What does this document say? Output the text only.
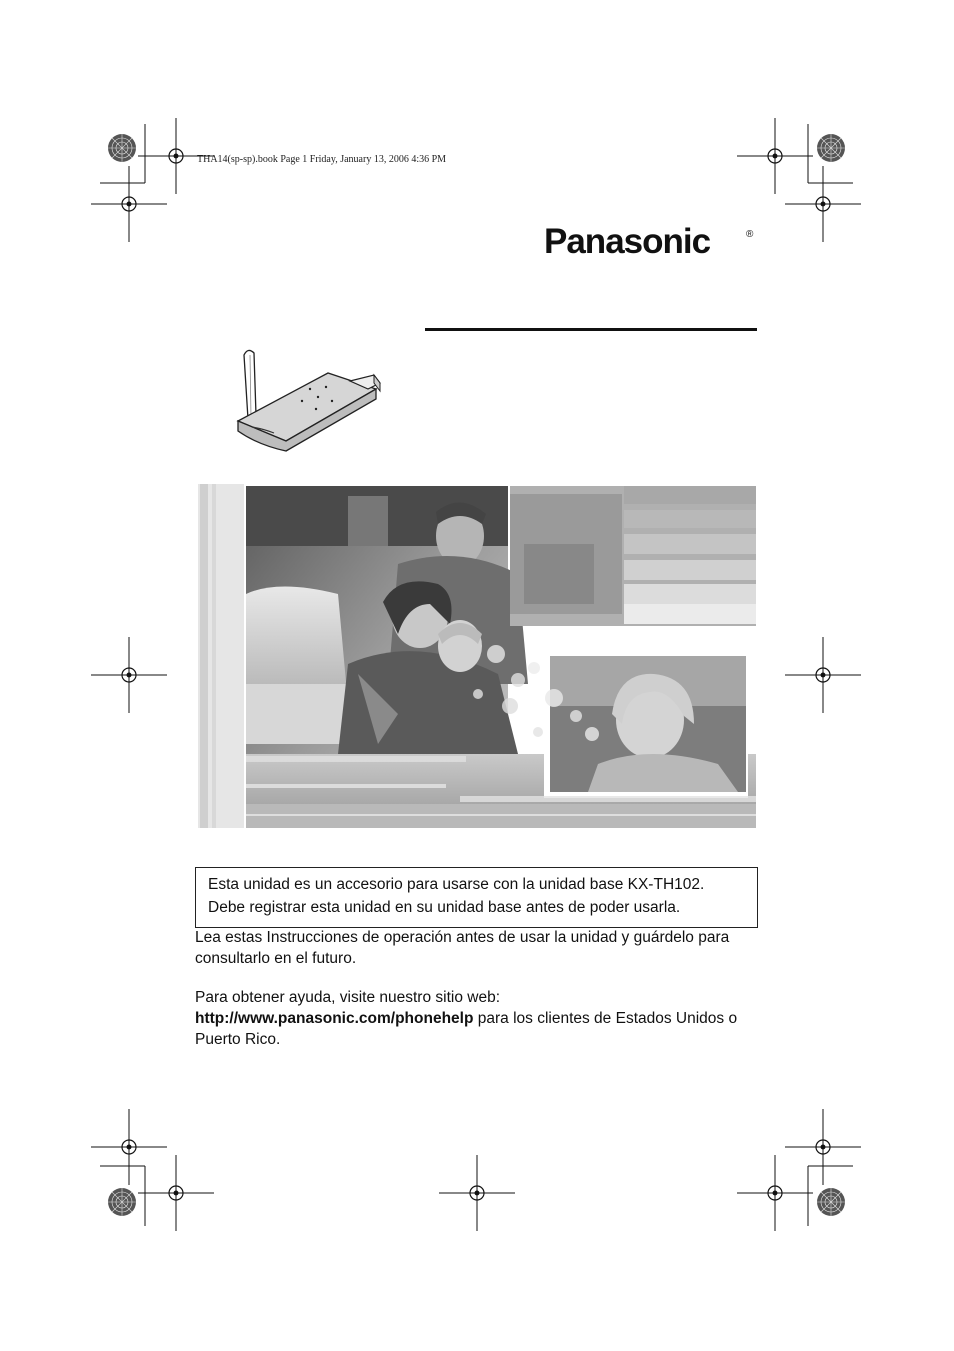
THA14(sp-sp).book Page 1 Friday, January 13, 2006 4:36 PM
Panasonic	®
Esta unidad es un accesorio para usarse con la unidad base KX-TH102. Debe registrar esta unidad en su unidad base antes de poder usarla.
Lea estas Instrucciones de operación antes de usar la unidad y guárdelo para consultarlo en el futuro.
Para obtener ayuda, visite nuestro sitio web:
http://www.panasonic.com/phonehelp para los clientes de Estados Unidos o Puerto Rico.
